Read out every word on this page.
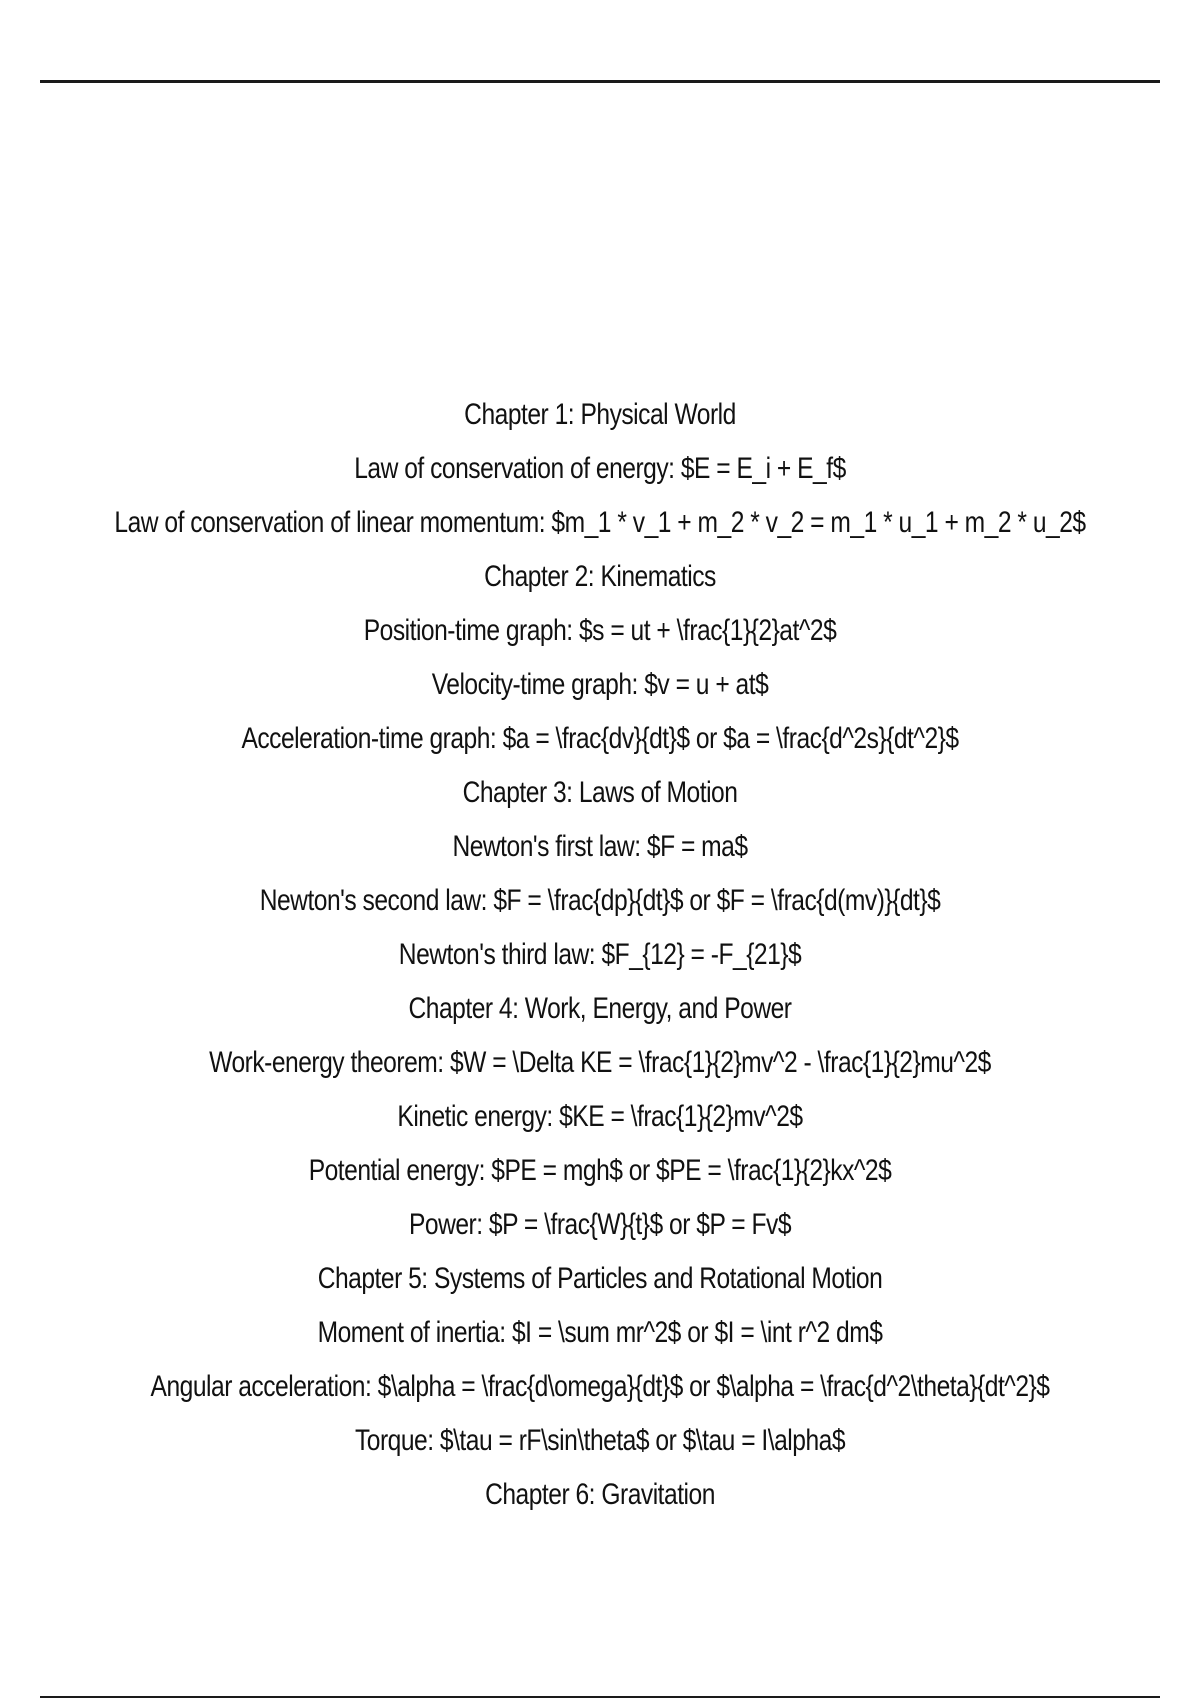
Chapter 1: Physical World
Law of conservation of energy: $E = E_i + E_f$
Law of conservation of linear momentum: $m_1 * v_1 + m_2 * v_2 = m_1 * u_1 + m_2 * u_2$
Chapter 2: Kinematics
Position-time graph: $s = ut + \frac{1}{2}at^2$
Velocity-time graph: $v = u + at$
Acceleration-time graph: $a = \frac{dv}{dt}$ or $a = \frac{d^2s}{dt^2}$
Chapter 3: Laws of Motion
Newton's first law: $F = ma$
Newton's second law: $F = \frac{dp}{dt}$ or $F = \frac{d(mv)}{dt}$
Newton's third law: $F_{12} = -F_{21}$
Chapter 4: Work, Energy, and Power
Work-energy theorem: $W = \Delta KE = \frac{1}{2}mv^2 - \frac{1}{2}mu^2$
Kinetic energy: $KE = \frac{1}{2}mv^2$
Potential energy: $PE = mgh$ or $PE = \frac{1}{2}kx^2$
Power: $P = \frac{W}{t}$ or $P = Fv$
Chapter 5: Systems of Particles and Rotational Motion
Moment of inertia: $I = \sum mr^2$ or $I = \int r^2 dm$
Angular acceleration: $\alpha = \frac{d\omega}{dt}$ or $\alpha = \frac{d^2\theta}{dt^2}$
Torque: $\tau = rF\sin\theta$ or $\tau = I\alpha$
Chapter 6: Gravitation
